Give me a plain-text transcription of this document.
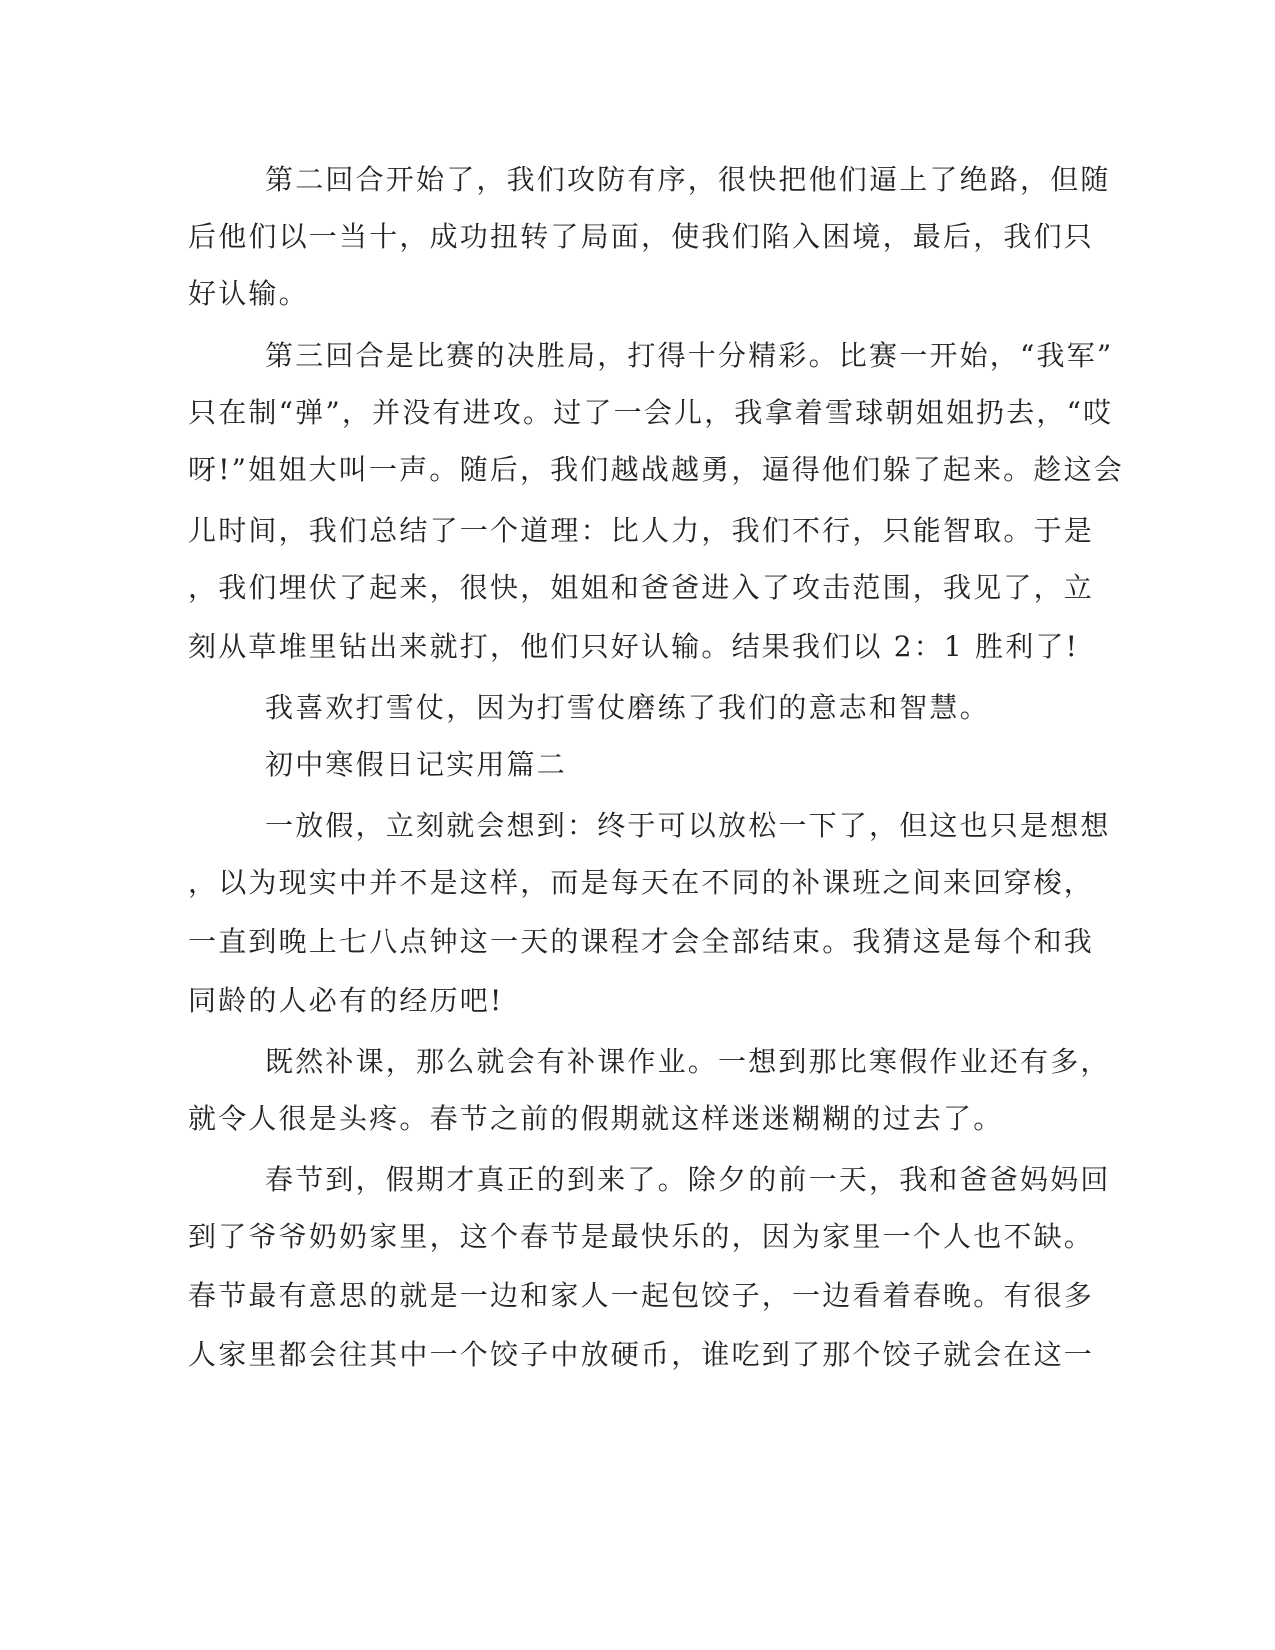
第二回合开始了，我们攻防有序，很快把他们逼上了绝路，但随
后他们以一当十，成功扭转了局面，使我们陷入困境，最后，我们只
好认输。
第三回合是比赛的决胜局，打得十分精彩。比赛一开始，“我军”
只在制“弹”，并没有进攻。过了一会儿，我拿着雪球朝姐姐扔去，“哎
呀!”姐姐大叫一声。随后，我们越战越勇，逼得他们躲了起来。趁这会
儿时间，我们总结了一个道理：比人力，我们不行，只能智取。于是
，我们埋伏了起来，很快，姐姐和爸爸进入了攻击范围，我见了，立
刻从草堆里钻出来就打，他们只好认输。结果我们以 2：1 胜利了!
我喜欢打雪仗，因为打雪仗磨练了我们的意志和智慧。
初中寒假日记实用篇二
一放假，立刻就会想到：终于可以放松一下了，但这也只是想想
，以为现实中并不是这样，而是每天在不同的补课班之间来回穿梭，
一直到晚上七八点钟这一天的课程才会全部结束。我猜这是每个和我
同龄的人必有的经历吧!
既然补课，那么就会有补课作业。一想到那比寒假作业还有多，
就令人很是头疼。春节之前的假期就这样迷迷糊糊的过去了。
春节到，假期才真正的到来了。除夕的前一天，我和爸爸妈妈回
到了爷爷奶奶家里，这个春节是最快乐的，因为家里一个人也不缺。
春节最有意思的就是一边和家人一起包饺子，一边看着春晚。有很多
人家里都会往其中一个饺子中放硬币，谁吃到了那个饺子就会在这一
